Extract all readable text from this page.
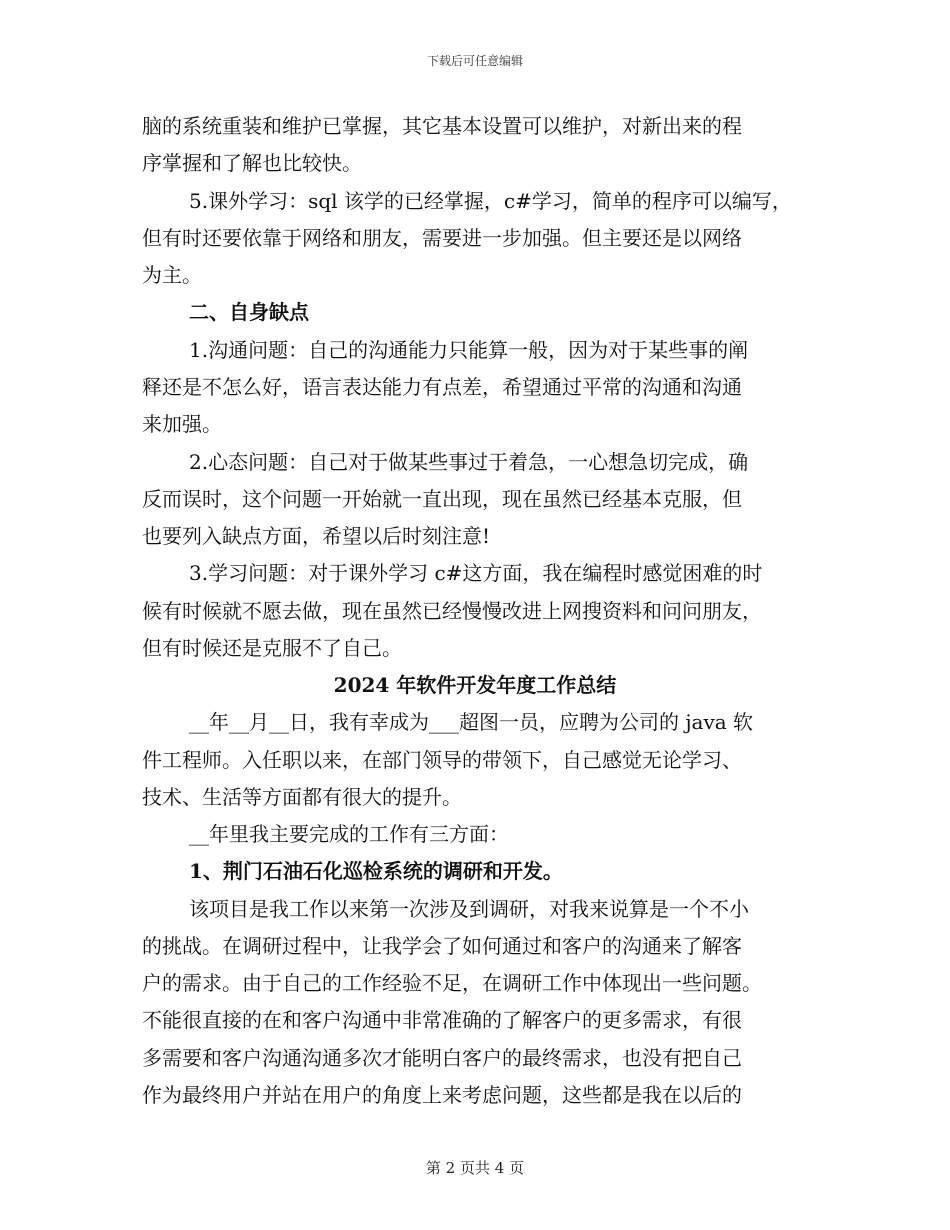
下载后可任意编辑
脑的系统重装和维护已掌握，其它基本设置可以维护，对新出来的程
序掌握和了解也比较快。
5.课外学习：sql 该学的已经掌握，c#学习，简单的程序可以编写，
但有时还要依靠于网络和朋友，需要进一步加强。但主要还是以网络
为主。
二、自身缺点
1.沟通问题：自己的沟通能力只能算一般，因为对于某些事的阐
释还是不怎么好，语言表达能力有点差，希望通过平常的沟通和沟通
来加强。
2.心态问题：自己对于做某些事过于着急，一心想急切完成，确
反而误时，这个问题一开始就一直出现，现在虽然已经基本克服，但
也要列入缺点方面，希望以后时刻注意!
3.学习问题：对于课外学习 c#这方面，我在编程时感觉困难的时
候有时候就不愿去做，现在虽然已经慢慢改进上网搜资料和问问朋友，
但有时候还是克服不了自己。
2024 年软件开发年度工作总结
__年__月__日，我有幸成为___超图一员，应聘为公司的 java 软
件工程师。入任职以来，在部门领导的带领下，自己感觉无论学习、
技术、生活等方面都有很大的提升。
__年里我主要完成的工作有三方面：
1、荆门石油石化巡检系统的调研和开发。
该项目是我工作以来第一次涉及到调研，对我来说算是一个不小
的挑战。在调研过程中，让我学会了如何通过和客户的沟通来了解客
户的需求。由于自己的工作经验不足，在调研工作中体现出一些问题。
不能很直接的在和客户沟通中非常准确的了解客户的更多需求，有很
多需要和客户沟通沟通多次才能明白客户的最终需求，也没有把自己
作为最终用户并站在用户的角度上来考虑问题，这些都是我在以后的
第 2 页共 4 页
